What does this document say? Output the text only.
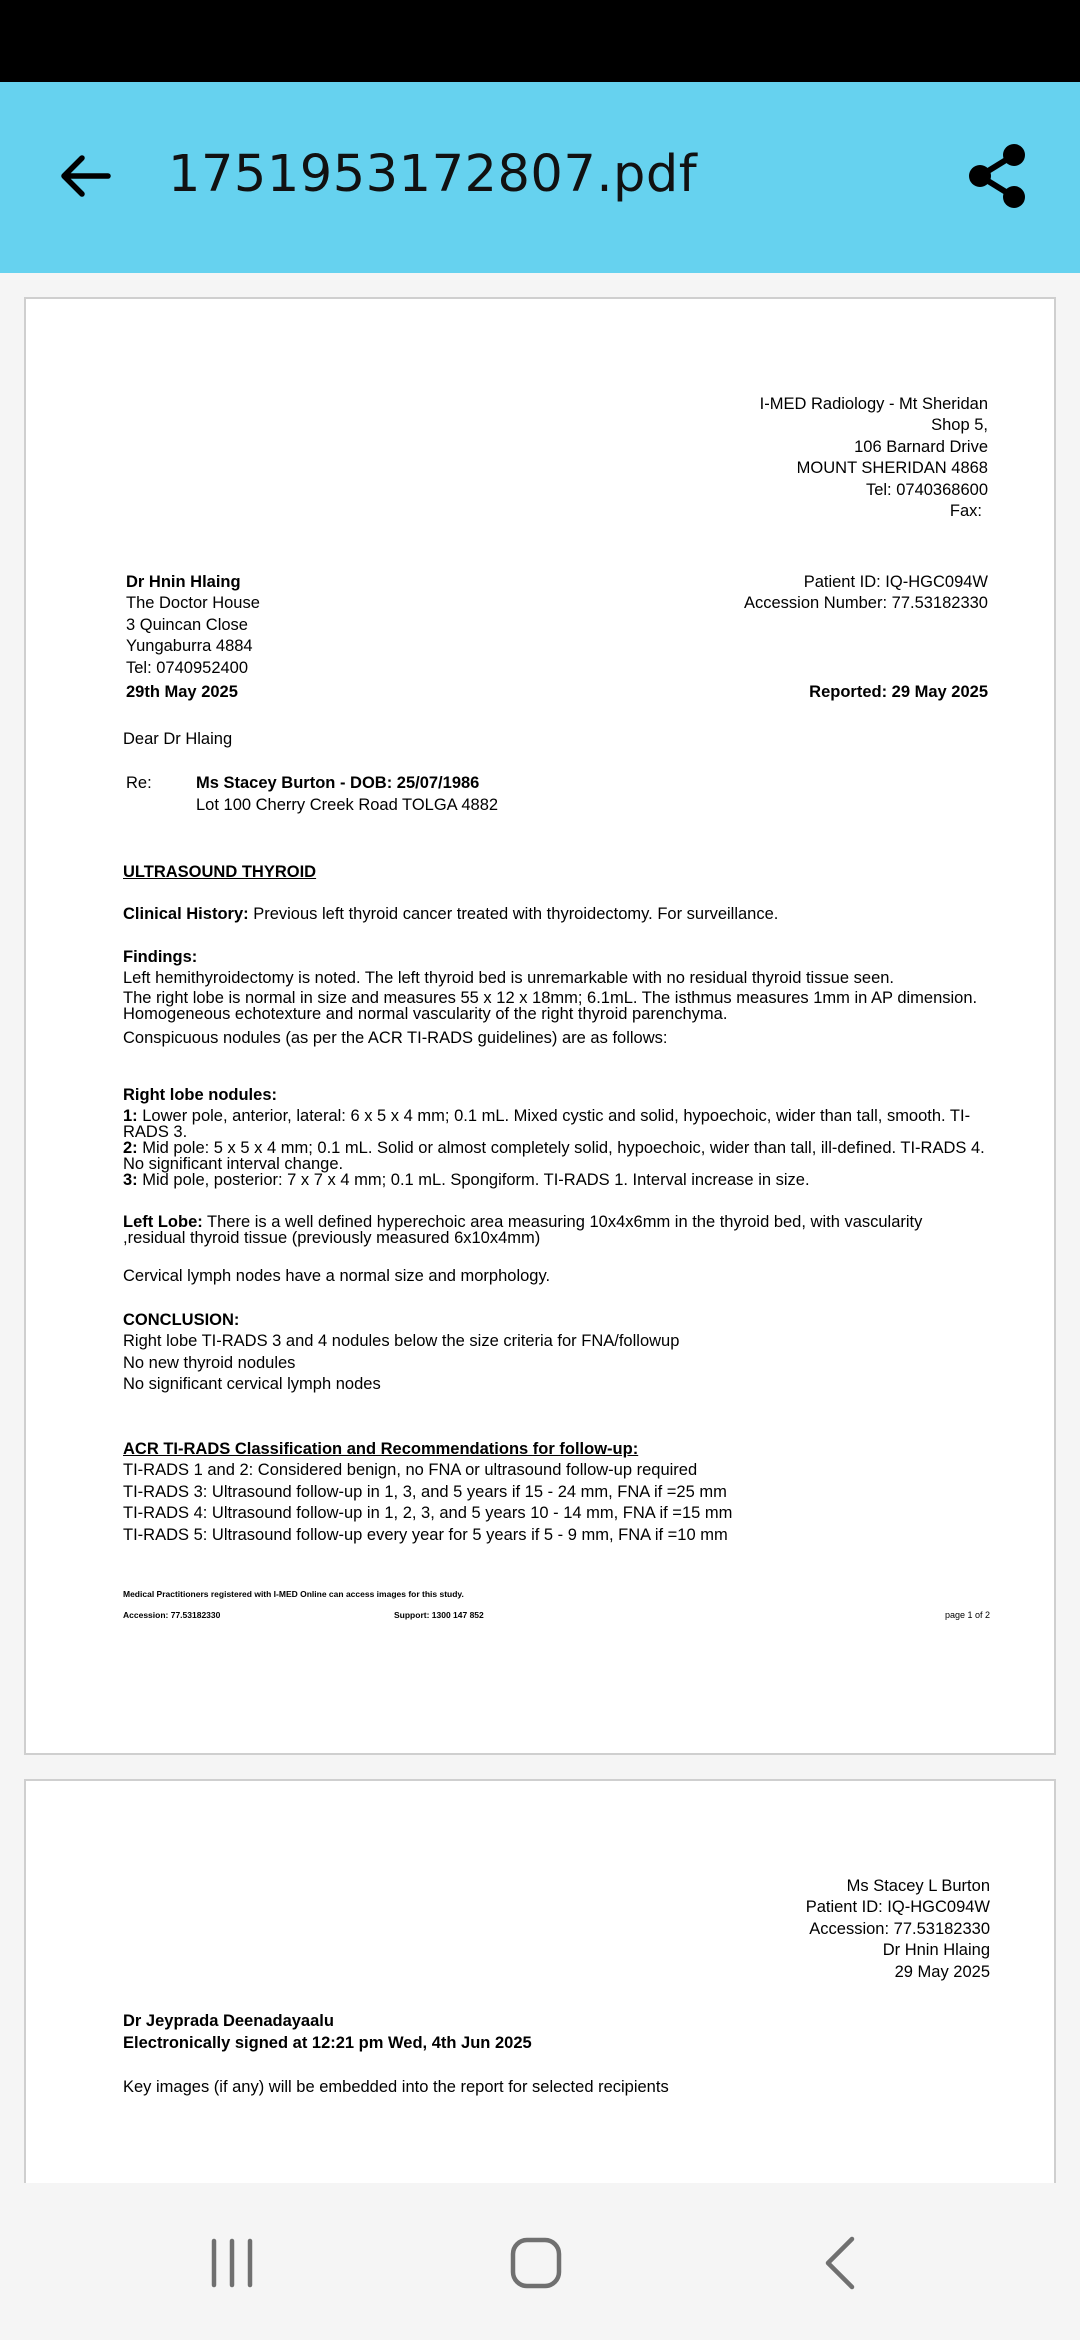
1751953172807.pdf
I-MED Radiology - Mt Sheridan
Shop 5,
106 Barnard Drive
MOUNT SHERIDAN 4868
Tel: 0740368600
Fax:
Dr Hnin Hlaing
The Doctor House
3 Quincan Close
Yungaburra 4884
Tel: 0740952400
29th May 2025
Patient ID: IQ-HGC094W
Accession Number: 77.53182330
Reported: 29 May 2025
Dear Dr Hlaing
Re:	Ms Stacey Burton - DOB: 25/07/1986
Lot 100 Cherry Creek Road TOLGA 4882
ULTRASOUND THYROID
Clinical History: Previous left thyroid cancer treated with thyroidectomy. For surveillance.
Findings:
Left hemithyroidectomy is noted. The left thyroid bed is unremarkable with no residual thyroid tissue seen.
The right lobe is normal in size and measures 55 x 12 x 18mm; 6.1mL. The isthmus measures 1mm in AP dimension. Homogeneous echotexture and normal vascularity of the right thyroid parenchyma.
Conspicuous nodules (as per the ACR TI-RADS guidelines) are as follows:
Right lobe nodules:
1: Lower pole, anterior, lateral: 6 x 5 x 4 mm; 0.1 mL. Mixed cystic and solid, hypoechoic, wider than tall, smooth. TI-RADS 3.
2: Mid pole: 5 x 5 x 4 mm; 0.1 mL. Solid or almost completely solid, hypoechoic, wider than tall, ill-defined. TI-RADS 4. No significant interval change.
3: Mid pole, posterior: 7 x 7 x 4 mm; 0.1 mL. Spongiform. TI-RADS 1. Interval increase in size.
Left Lobe: There is a well defined hyperechoic area measuring 10x4x6mm in the thyroid bed, with vascularity ,residual thyroid tissue (previously measured 6x10x4mm)
Cervical lymph nodes have a normal size and morphology.
CONCLUSION:
Right lobe TI-RADS 3 and 4 nodules below the size criteria for FNA/followup
No new thyroid nodules
No significant cervical lymph nodes
ACR TI-RADS Classification and Recommendations for follow-up:
TI-RADS 1 and 2: Considered benign, no FNA or ultrasound follow-up required
TI-RADS 3: Ultrasound follow-up in 1, 3, and 5 years if 15 - 24 mm, FNA if =25 mm
TI-RADS 4: Ultrasound follow-up in 1, 2, 3, and 5 years 10 - 14 mm, FNA if =15 mm
TI-RADS 5: Ultrasound follow-up every year for 5 years if 5 - 9 mm, FNA if =10 mm
Medical Practitioners registered with I-MED Online can access images for this study.
Accession: 77.53182330	Support: 1300 147 852	page 1 of 2
Ms Stacey L Burton
Patient ID: IQ-HGC094W
Accession: 77.53182330
Dr Hnin Hlaing
29 May 2025
Dr Jeyprada Deenadayaalu
Electronically signed at 12:21 pm Wed, 4th Jun 2025
Key images (if any) will be embedded into the report for selected recipients
